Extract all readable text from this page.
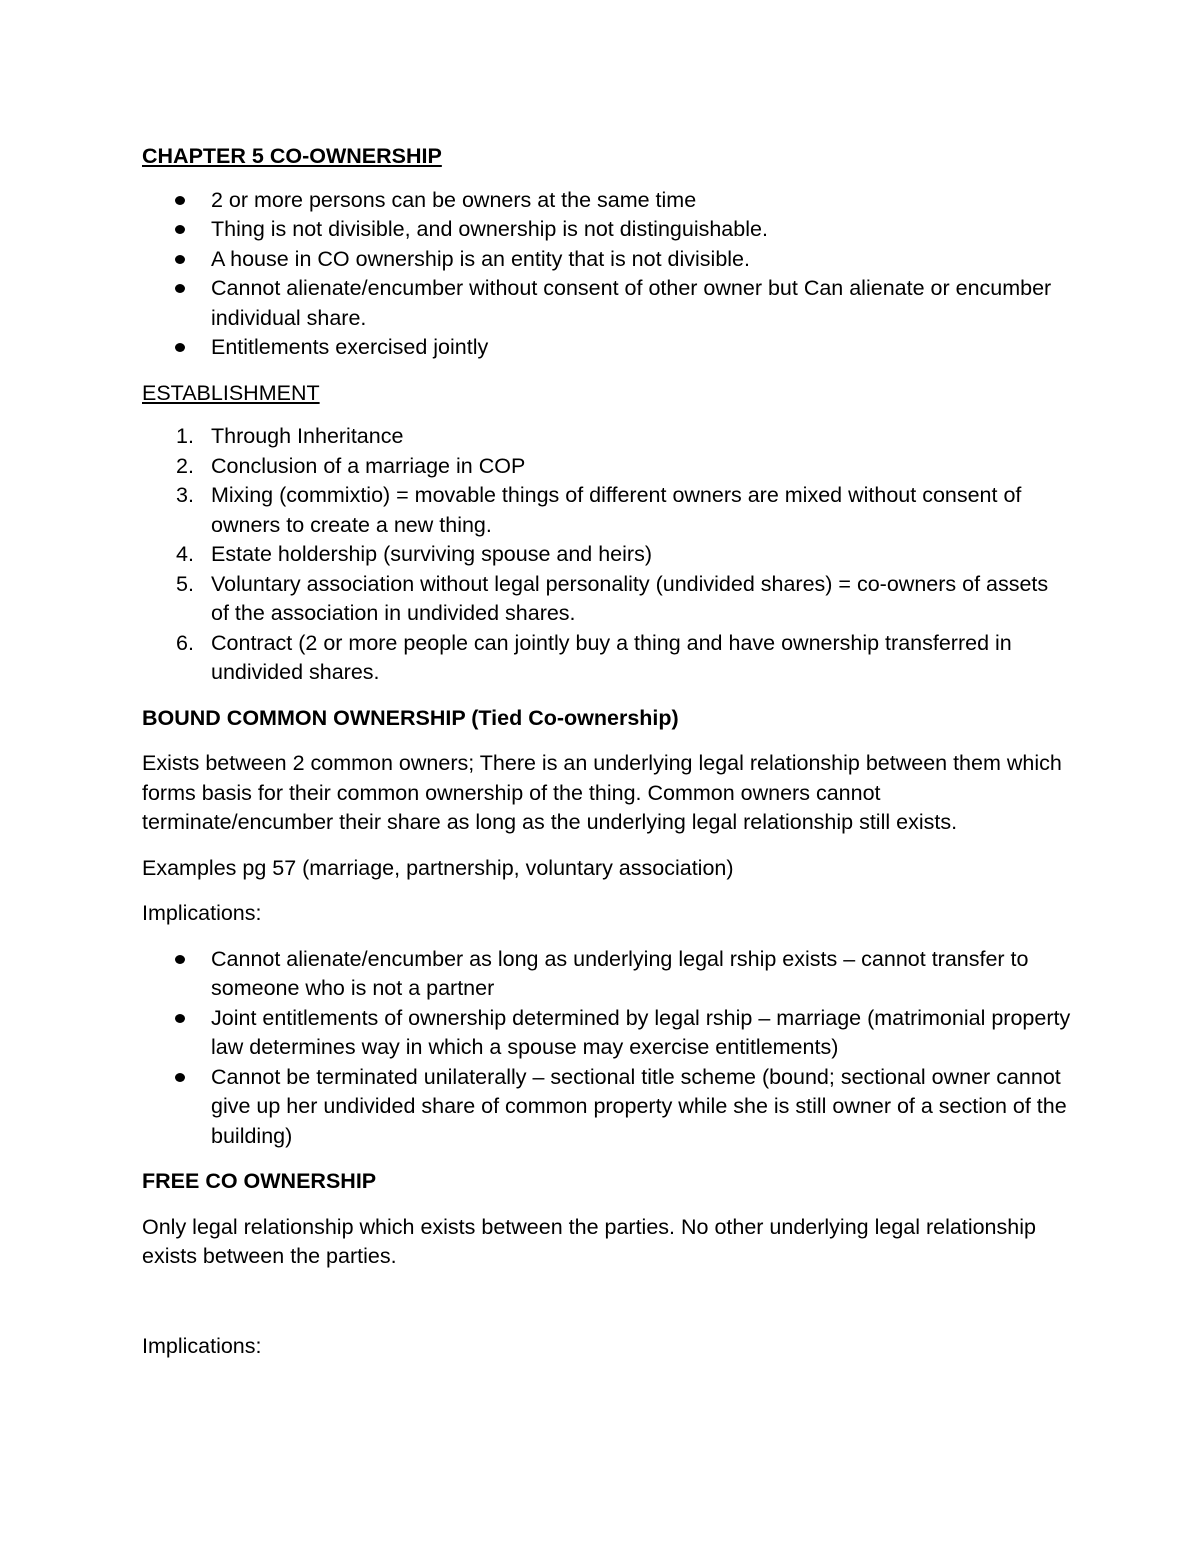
CHAPTER 5 CO-OWNERSHIP
2 or more persons can be owners at the same time
Thing is not divisible, and ownership is not distinguishable.
A house in CO ownership is an entity that is not divisible.
Cannot alienate/encumber without consent of other owner but Can alienate or encumber individual share.
Entitlements exercised jointly
ESTABLISHMENT
1. Through Inheritance
2. Conclusion of a marriage in COP
3. Mixing (commixtio) = movable things of different owners are mixed without consent of owners to create a new thing.
4. Estate holdership (surviving spouse and heirs)
5. Voluntary association without legal personality (undivided shares) = co-owners of assets of the association in undivided shares.
6. Contract (2 or more people can jointly buy a thing and have ownership transferred in undivided shares.
BOUND COMMON OWNERSHIP (Tied Co-ownership)

Exists between 2 common owners; There is an underlying legal relationship between them which forms basis for their common ownership of the thing. Common owners cannot terminate/encumber their share as long as the underlying legal relationship still exists.

Examples pg 57 (marriage, partnership, voluntary association)

Implications:

Cannot alienate/encumber as long as underlying legal rship exists – cannot transfer to someone who is not a partner
Joint entitlements of ownership determined by legal rship – marriage (matrimonial property law determines way in which a spouse may exercise entitlements)
Cannot be terminated unilaterally – sectional title scheme (bound; sectional owner cannot give up her undivided share of common property while she is still owner of a section of the building)
FREE CO OWNERSHIP

Only legal relationship which exists between the parties. No other underlying legal relationship exists between the parties.

Implications:
